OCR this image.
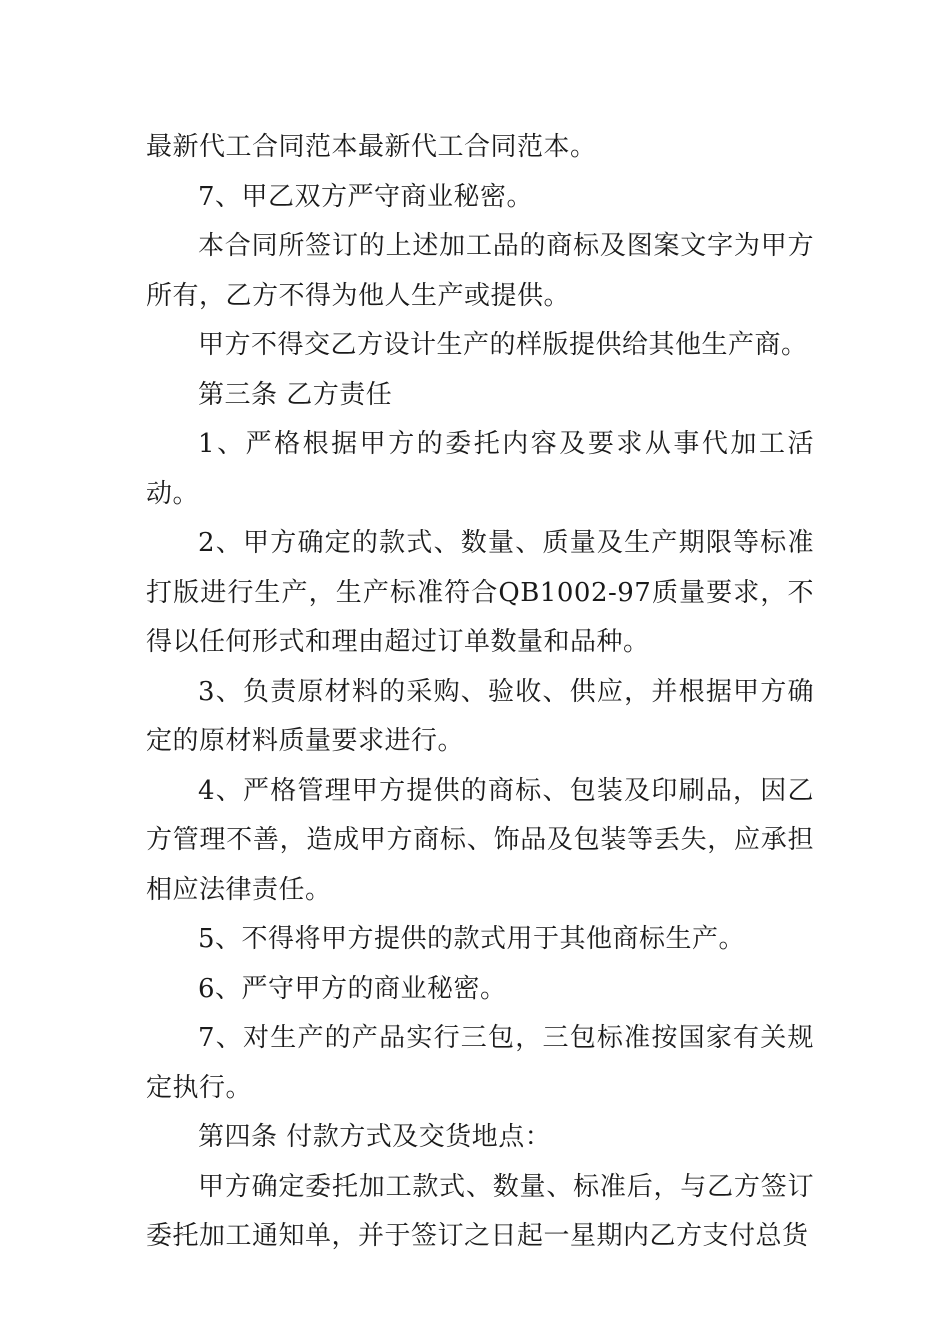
最新代工合同范本最新代工合同范本。

7、甲乙双方严守商业秘密。

本合同所签订的上述加工品的商标及图案文字为甲方所有，乙方不得为他人生产或提供。

甲方不得交乙方设计生产的样版提供给其他生产商。

第三条 乙方责任

1、严格根据甲方的委托内容及要求从事代加工活动。

2、甲方确定的款式、数量、质量及生产期限等标准打版进行生产，生产标准符合QB1002-97质量要求，不得以任何形式和理由超过订单数量和品种。

3、负责原材料的采购、验收、供应，并根据甲方确定的原材料质量要求进行。

4、严格管理甲方提供的商标、包装及印刷品，因乙方管理不善，造成甲方商标、饰品及包装等丢失，应承担相应法律责任。

5、不得将甲方提供的款式用于其他商标生产。

6、严守甲方的商业秘密。

7、对生产的产品实行三包，三包标准按国家有关规定执行。

第四条 付款方式及交货地点：

甲方确定委托加工款式、数量、标准后，与乙方签订委托加工通知单，并于签订之日起一星期内乙方支付总货
